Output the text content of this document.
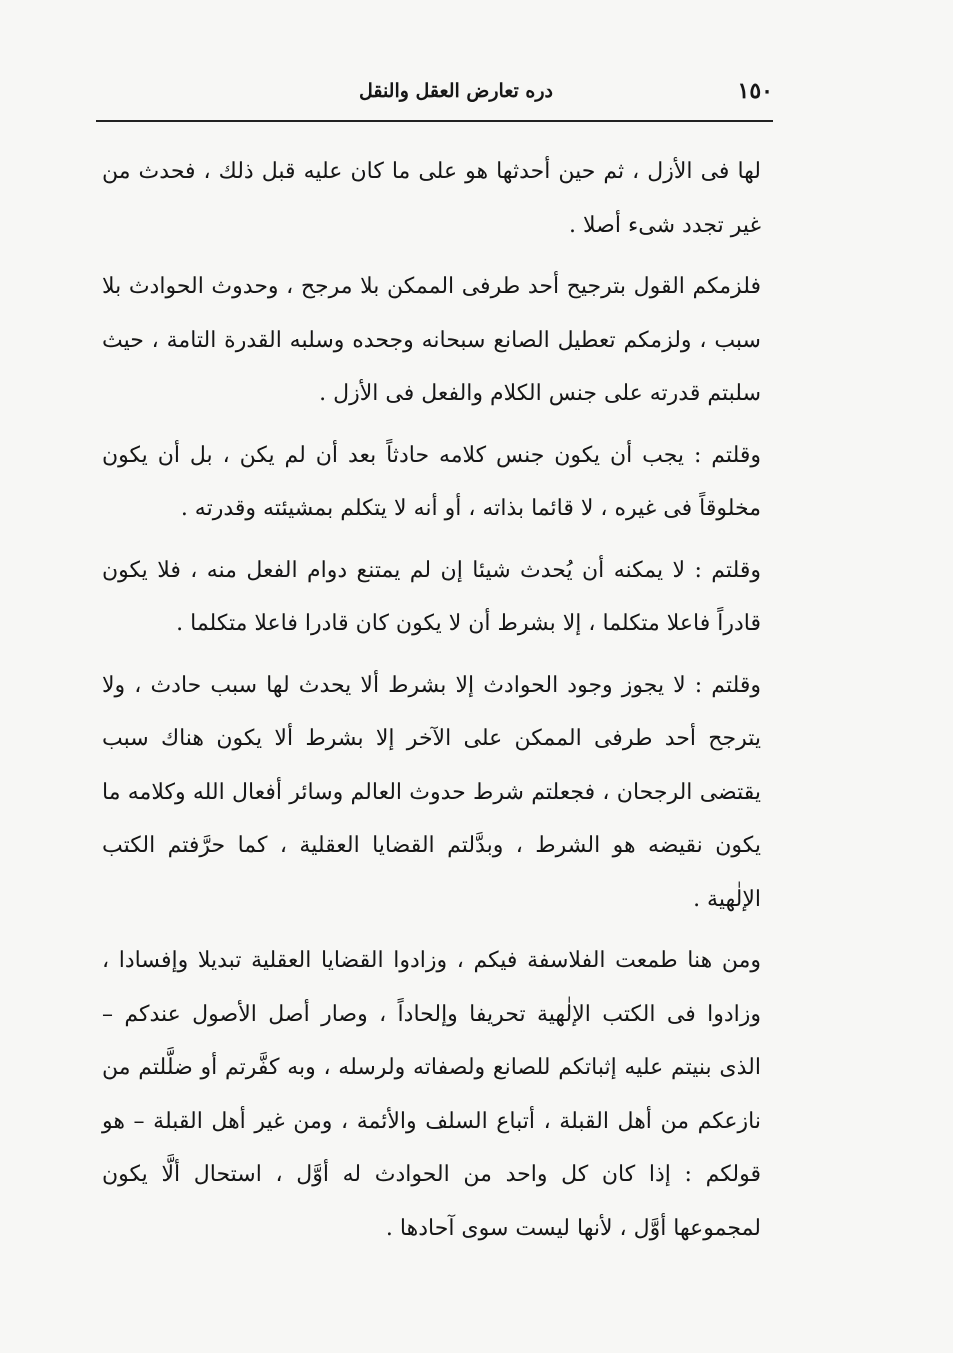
١٥٠
دره تعارض العقل والنقل

لها فى الأزل ، ثم حين أحدثها هو على ما كان عليه قبل ذلك ، فحدث من غير تجدد شىء أصلا .

فلزمكم القول بترجيح أحد طرفى الممكن بلا مرجح ، وحدوث الحوادث بلا سبب ، ولزمكم تعطيل الصانع سبحانه وجحده وسلبه القدرة التامة ، حيث سلبتم قدرته على جنس الكلام والفعل فى الأزل .

وقلتم : يجب أن يكون جنس كلامه حادثاً بعد أن لم يكن ، بل أن يكون مخلوقاً فى غيره ، لا قائما بذاته ، أو أنه لا يتكلم بمشيئته وقدرته .

وقلتم : لا يمكنه أن يُحدث شيئا إن لم يمتنع دوام الفعل منه ، فلا يكون قادراً فاعلا متكلما ، إلا بشرط أن لا يكون كان قادرا فاعلا متكلما .

وقلتم : لا يجوز وجود الحوادث إلا بشرط ألا يحدث لها سبب حادث ، ولا يترجح أحد طرفى الممكن على الآخر إلا بشرط ألا يكون هناك سبب يقتضى الرجحان ، فجعلتم شرط حدوث العالم وسائر أفعال الله وكلامه ما يكون نقيضه هو الشرط ، وبدَّلتم القضايا العقلية ، كما حرَّفتم الكتب الإلٰهية .

ومن هنا طمعت الفلاسفة فيكم ، وزادوا القضايا العقلية تبديلا وإفسادا ، وزادوا فى الكتب الإلٰهية تحريفا وإلحاداً ، وصار أصل الأصول عندكم – الذى بنيتم عليه إثباتكم للصانع ولصفاته ولرسله ، وبه كفَّرتم أو ضلَّلتم من نازعكم من أهل القبلة ، أتباع السلف والأئمة ، ومن غير أهل القبلة – هو قولكم : إذا كان كل واحد من الحوادث له أوَّل ، استحال ألَّا يكون لمجموعها أوَّل ، لأنها ليست سوى آحادها .
